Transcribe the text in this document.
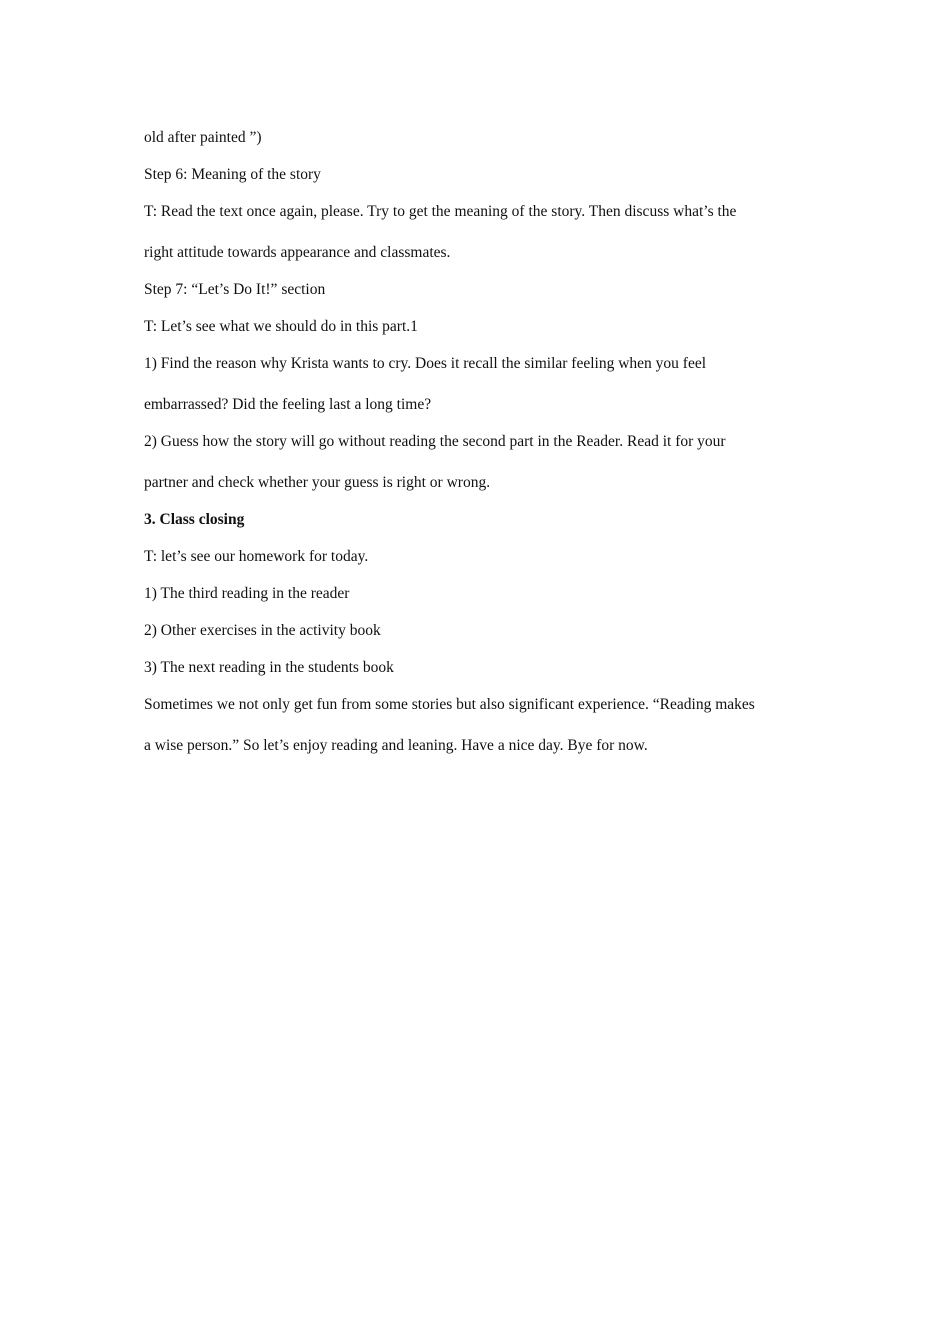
old after painted ”)

Step 6: Meaning of the story

T: Read the text once again, please. Try to get the meaning of the story. Then discuss what’s the
right attitude towards appearance and classmates.

Step 7: “Let’s Do It!” section

T: Let’s see what we should do in this part.1

1) Find the reason why Krista wants to cry. Does it recall the similar feeling when you feel
embarrassed? Did the feeling last a long time?

2) Guess how the story will go without reading the second part in the Reader. Read it for your
partner and check whether your guess is right or wrong.

3. Class closing

T: let’s see our homework for today.

1) The third reading in the reader

2) Other exercises in the activity book

3) The next reading in the students book

Sometimes we not only get fun from some stories but also significant experience. “Reading makes
a wise person.” So let’s enjoy reading and leaning. Have a nice day. Bye for now.
